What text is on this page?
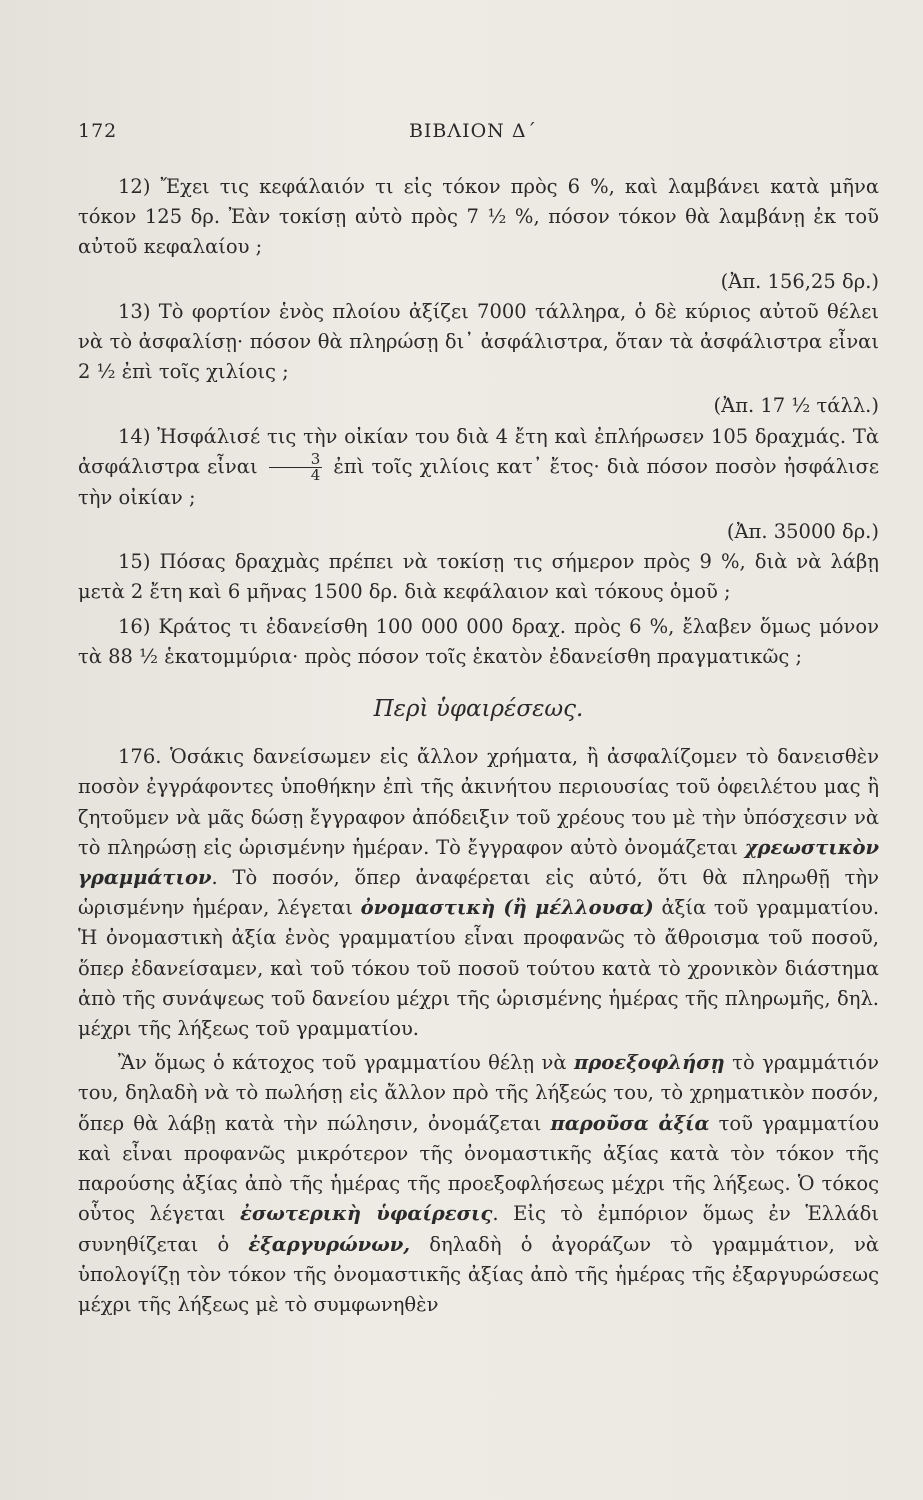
172	ΒΙΒΛΙΟΝ Δ΄

12) Ἔχει τις κεφάλαιόν τι εἰς τόκον πρὸς 6 %, καὶ λαμβάνει κατὰ μῆνα τόκον 125 δρ. Ἐὰν τοκίσῃ αὐτὸ πρὸς 7 ½ %, πόσον τόκον θὰ λαμβάνῃ ἐκ τοῦ αὐτοῦ κεφαλαίου ;

(Ἀπ. 156,25 δρ.)

13) Τὸ φορτίον ἑνὸς πλοίου ἀξίζει 7000 τάλληρα, ὁ δὲ κύριος αὐτοῦ θέλει νὰ τὸ ἀσφαλίσῃ· πόσον θὰ πληρώσῃ δι᾽ ἀσφάλιστρα, ὅταν τὰ ἀσφάλιστρα εἶναι 2 ½ ἐπὶ τοῖς χιλίοις ;

(Ἀπ. 17 ½ τάλλ.)

14) Ἠσφάλισέ τις τὴν οἰκίαν του διὰ 4 ἔτη καὶ ἐπλήρωσεν 105 δραχμάς. Τὰ ἀσφάλιστρα εἶναι $\frac{3}{4}$ ἐπὶ τοῖς χιλίοις κατ᾽ ἔτος· διὰ πόσον ποσὸν ἠσφάλισε τὴν οἰκίαν ;

(Ἀπ. 35000 δρ.)

15) Πόσας δραχμὰς πρέπει νὰ τοκίσῃ τις σήμερον πρὸς 9 %, διὰ νὰ λάβῃ μετὰ 2 ἔτη καὶ 6 μῆνας 1500 δρ. διὰ κεφάλαιον καὶ τόκους ὁμοῦ ;

16) Κράτος τι ἐδανείσθη 100 000 000 δραχ. πρὸς 6 %, ἔλαβεν ὅμως μόνον τὰ 88 ½ ἑκατομμύρια· πρὸς πόσον τοῖς ἑκατὸν ἐδανείσθη πραγματικῶς ;

Περὶ ὑφαιρέσεως.

176. Ὁσάκις δανείσωμεν εἰς ἄλλον χρήματα, ἢ ἀσφαλίζομεν τὸ δανεισθὲν ποσὸν ἐγγράφοντες ὑποθήκην ἐπὶ τῆς ἀκινήτου περιουσίας τοῦ ὀφειλέτου μας ἢ ζητοῦμεν νὰ μᾶς δώσῃ ἔγγραφον ἀπόδειξιν τοῦ χρέους του μὲ τὴν ὑπόσχεσιν νὰ τὸ πληρώσῃ εἰς ὡρισμένην ἡμέραν. Τὸ ἔγγραφον αὐτὸ ὀνομάζεται χρεωστικὸν γραμμάτιον. Τὸ ποσόν, ὅπερ ἀναφέρεται εἰς αὐτό, ὅτι θὰ πληρωθῇ τὴν ὡρισμένην ἡμέραν, λέγεται ὀνομαστικὴ (ἢ μέλλουσα) ἀξία τοῦ γραμματίου. Ἡ ὀνομαστικὴ ἀξία ἑνὸς γραμματίου εἶναι προφανῶς τὸ ἄθροισμα τοῦ ποσοῦ, ὅπερ ἐδανείσαμεν, καὶ τοῦ τόκου τοῦ ποσοῦ τούτου κατὰ τὸ χρονικὸν διάστημα ἀπὸ τῆς συνάψεως τοῦ δανείου μέχρι τῆς ὡρισμένης ἡμέρας τῆς πληρωμῆς, δηλ. μέχρι τῆς λήξεως τοῦ γραμματίου.

Ἂν ὅμως ὁ κάτοχος τοῦ γραμματίου θέλῃ νὰ προεξοφλήσῃ τὸ γραμμάτιόν του, δηλαδὴ νὰ τὸ πωλήσῃ εἰς ἄλλον πρὸ τῆς λήξεώς του, τὸ χρηματικὸν ποσόν, ὅπερ θὰ λάβῃ κατὰ τὴν πώλησιν, ὀνομάζεται παροῦσα ἀξία τοῦ γραμματίου καὶ εἶναι προφανῶς μικρότερον τῆς ὀνομαστικῆς ἀξίας κατὰ τὸν τόκον τῆς παρούσης ἀξίας ἀπὸ τῆς ἡμέρας τῆς προεξοφλήσεως μέχρι τῆς λήξεως. Ὁ τόκος οὗτος λέγεται ἐσωτερικὴ ὑφαίρεσις. Εἰς τὸ ἐμπόριον ὅμως ἐν Ἑλλάδι συνηθίζεται ὁ ἐξαργυρώνων, δηλαδὴ ὁ ἀγοράζων τὸ γραμμάτιον, νὰ ὑπολογίζῃ τὸν τόκον τῆς ὀνομαστικῆς ἀξίας ἀπὸ τῆς ἡμέρας τῆς ἐξαργυρώσεως μέχρι τῆς λήξεως μὲ τὸ συμφωνηθὲν
